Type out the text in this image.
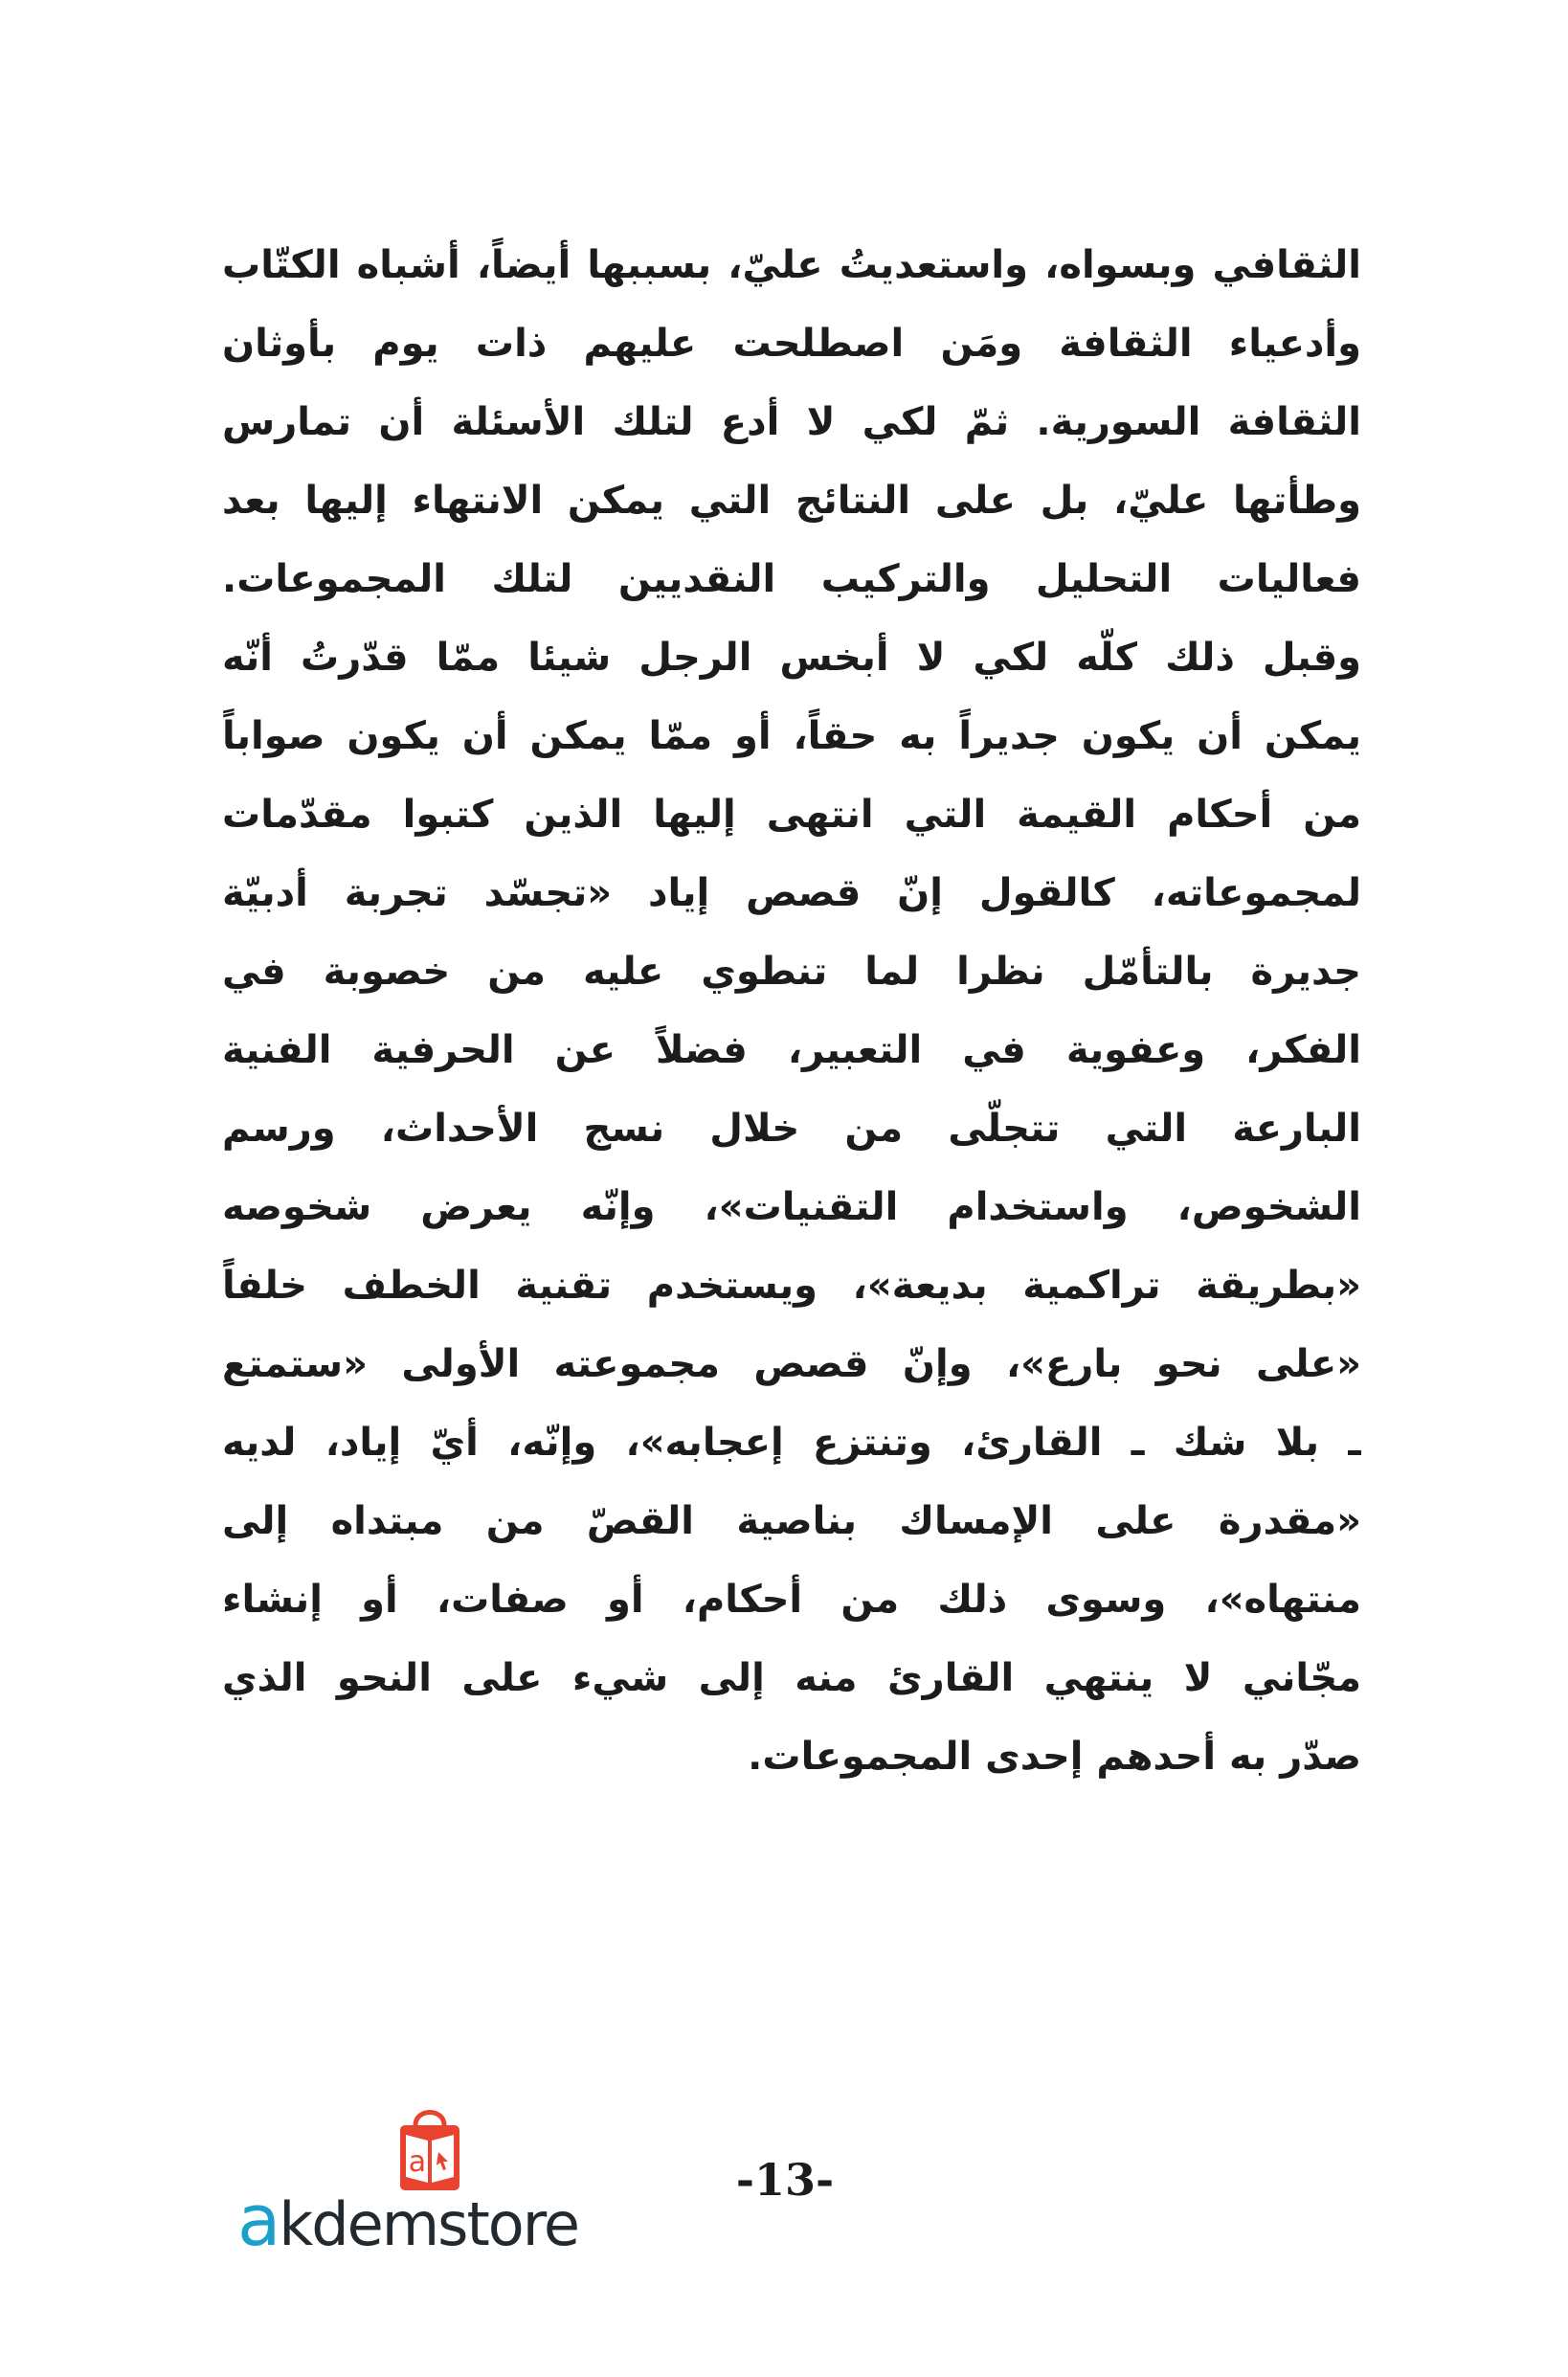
الثقافي وبسواه، واستعديتُ عليّ، بسببها أيضاً، أشباه الكتّاب
وأدعياء الثقافة ومَن اصطلحت عليهم ذات يوم بأوثان
الثقافة السورية. ثمّ لكي لا أدع لتلك الأسئلة أن تمارس
وطأتها عليّ، بل على النتائج التي يمكن الانتهاء إليها بعد
فعاليات التحليل والتركيب النقديين لتلك المجموعات.
وقبل ذلك كلّه لكي لا أبخس الرجل شيئا ممّا قدّرتُ أنّه
يمكن أن يكون جديراً به حقاً، أو ممّا يمكن أن يكون صواباً
من أحكام القيمة التي انتهى إليها الذين كتبوا مقدّمات
لمجموعاته، كالقول إنّ قصص إياد «تجسّد تجربة أدبيّة
جديرة بالتأمّل نظرا لما تنطوي عليه من خصوبة في
الفكر، وعفوية في التعبير، فضلاً عن الحرفية الفنية
البارعة التي تتجلّى من خلال نسج الأحداث، ورسم
الشخوص، واستخدام التقنيات»، وإنّه يعرض شخوصه
«بطريقة تراكمية بديعة»، ويستخدم تقنية الخطف خلفاً
«على نحو بارع»، وإنّ قصص مجموعته الأولى «ستمتع
ـ بلا شك ـ القارئ، وتنتزع إعجابه»، وإنّه، أيّ إياد، لديه
«مقدرة على الإمساك بناصية القصّ من مبتداه إلى
منتهاه»، وسوى ذلك من أحكام، أو صفات، أو إنشاء
مجّاني لا ينتهي القارئ منه إلى شيء على النحو الذي
صدّر به أحدهم إحدى المجموعات.
-13-
a
akdemstore
